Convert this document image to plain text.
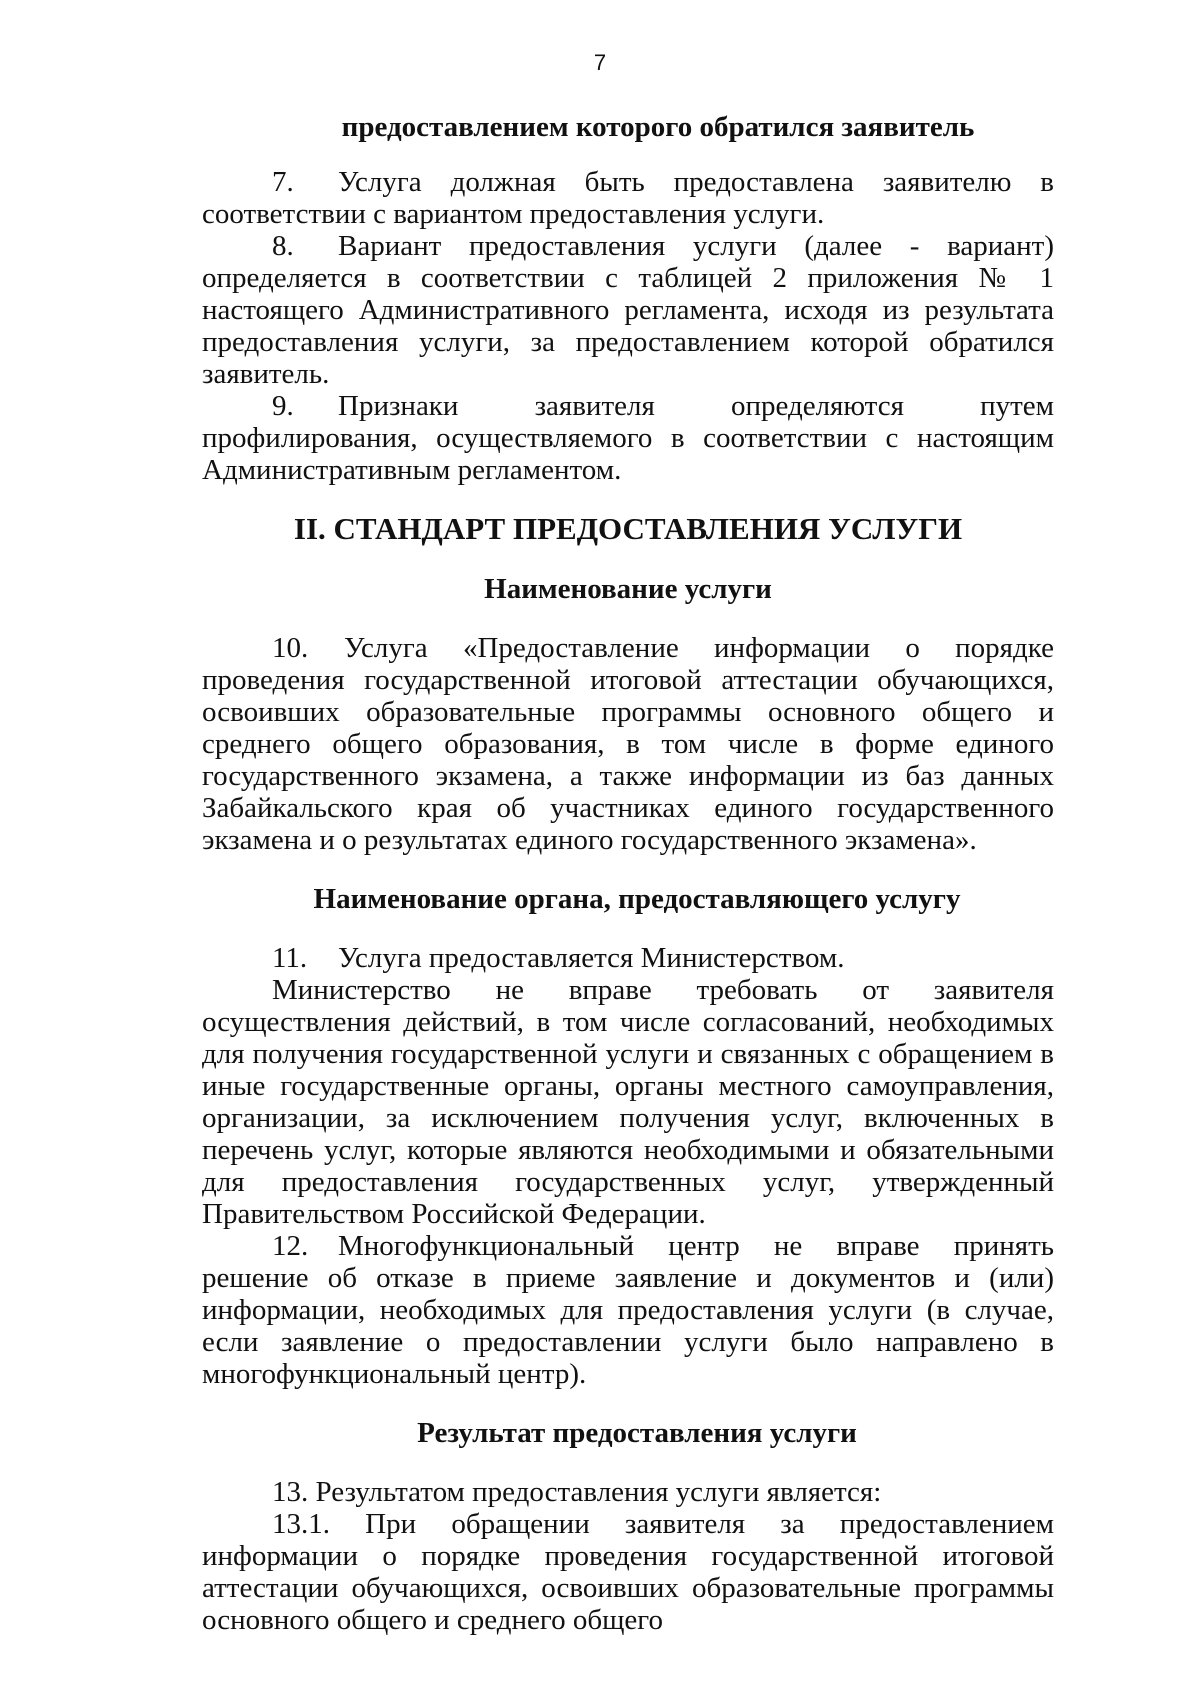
7
предоставлением которого обратился заявитель

7. Услуга должная быть предоставлена заявителю в соответствии с вариантом предоставления услуги.

8. Вариант предоставления услуги (далее - вариант) определяется в соответствии с таблицей 2 приложения № 1 настоящего Административного регламента, исходя из результата предоставления услуги, за предоставлением которой обратился заявитель.

9. Признаки заявителя определяются путем профилирования, осуществляемого в соответствии с настоящим Административным регламентом.

II. СТАНДАРТ ПРЕДОСТАВЛЕНИЯ УСЛУГИ
Наименование услуги

10. Услуга «Предоставление информации о порядке проведения государственной итоговой аттестации обучающихся, освоивших образовательные программы основного общего и среднего общего образования, в том числе в форме единого государственного экзамена, а также информации из баз данных Забайкальского края об участниках единого государственного экзамена и о результатах единого государственного экзамена».

Наименование органа, предоставляющего услугу

11. Услуга предоставляется Министерством.

Министерство не вправе требовать от заявителя осуществления действий, в том числе согласований, необходимых для получения государственной услуги и связанных с обращением в иные государственные органы, органы местного самоуправления, организации, за исключением получения услуг, включенных в перечень услуг, которые являются необходимыми и обязательными для предоставления государственных услуг, утвержденный Правительством Российской Федерации.

12. Многофункциональный центр не вправе принять решение об отказе в приеме заявление и документов и (или) информации, необходимых для предоставления услуги (в случае, если заявление о предоставлении услуги было направлено в многофункциональный центр).

Результат предоставления услуги

13. Результатом предоставления услуги является:

13.1. При обращении заявителя за предоставлением информации о порядке проведения государственной итоговой аттестации обучающихся, освоивших образовательные программы основного общего и среднего общего
